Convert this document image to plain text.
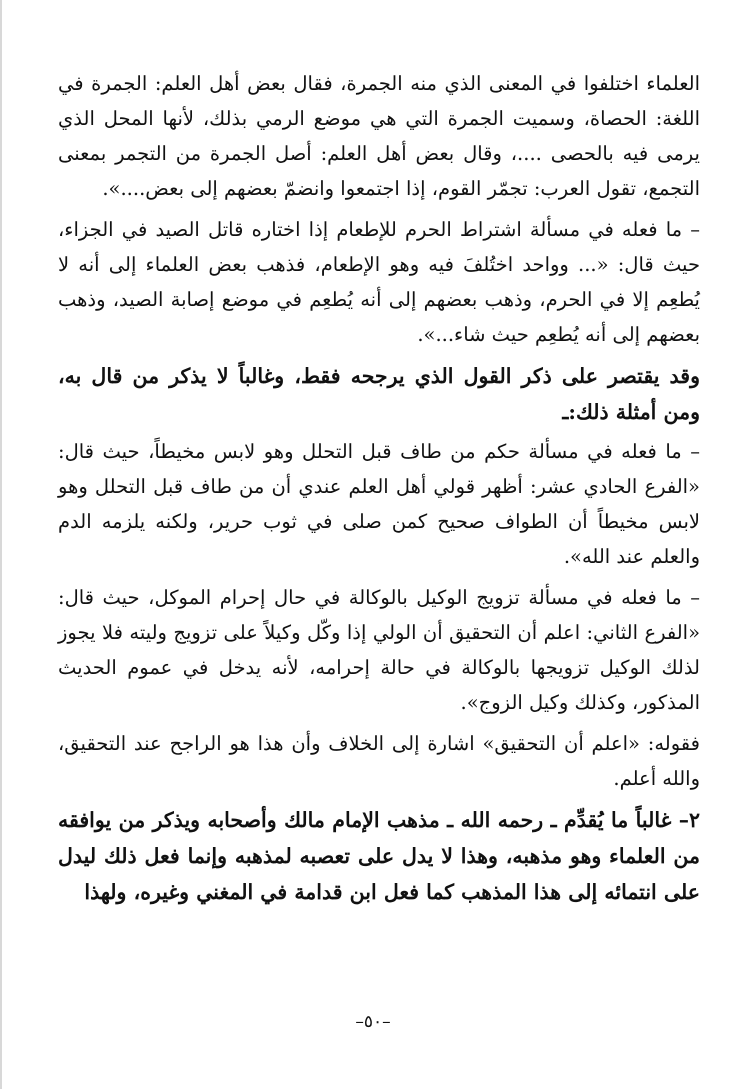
العلماء اختلفوا في المعنى الذي منه الجمرة، فقال بعض أهل العلم: الجمرة في اللغة: الحصاة، وسميت الجمرة التي هي موضع الرمي بذلك، لأنها المحل الذي يرمى فيه بالحصى ....، وقال بعض أهل العلم: أصل الجمرة من التجمر بمعنى التجمع، تقول العرب: تجمّر القوم، إذا اجتمعوا وانضمّ بعضهم إلى بعض....».

– ما فعله في مسألة اشتراط الحرم للإطعام إذا اختاره قاتل الصيد في الجزاء، حيث قال: «... وواحد اختُلفَ فيه وهو الإطعام، فذهب بعض العلماء إلى أنه لا يُطعِم إلا في الحرم، وذهب بعضهم إلى أنه يُطعِم في موضع إصابة الصيد، وذهب بعضهم إلى أنه يُطعِم حيث شاء...».

وقد يقتصر على ذكر القول الذي يرجحه فقط، وغالباً لا يذكر من قال به، ومن أمثلة ذلك:ـ

– ما فعله في مسألة حكم من طاف قبل التحلل وهو لابس مخيطاً، حيث قال: «الفرع الحادي عشر: أظهر قولي أهل العلم عندي أن من طاف قبل التحلل وهو لابس مخيطاً أن الطواف صحيح كمن صلى في ثوب حرير، ولكنه يلزمه الدم والعلم عند الله».

– ما فعله في مسألة تزويج الوكيل بالوكالة في حال إحرام الموكل، حيث قال: «الفرع الثاني: اعلم أن التحقيق أن الولي إذا وكّل وكيلاً على تزويج وليته فلا يجوز لذلك الوكيل تزويجها بالوكالة في حالة إحرامه، لأنه يدخل في عموم الحديث المذكور، وكذلك وكيل الزوج».

فقوله: «اعلم أن التحقيق» اشارة إلى الخلاف وأن هذا هو الراجح عند التحقيق، والله أعلم.

٢– غالباً ما يُقدِّم ـ رحمه الله ـ مذهب الإمام مالك وأصحابه ويذكر من يوافقه من العلماء وهو مذهبه، وهذا لا يدل على تعصبه لمذهبه وإنما فعل ذلك ليدل على انتمائه إلى هذا المذهب كما فعل ابن قدامة في المغني وغيره، ولهذا

–٥٠–
